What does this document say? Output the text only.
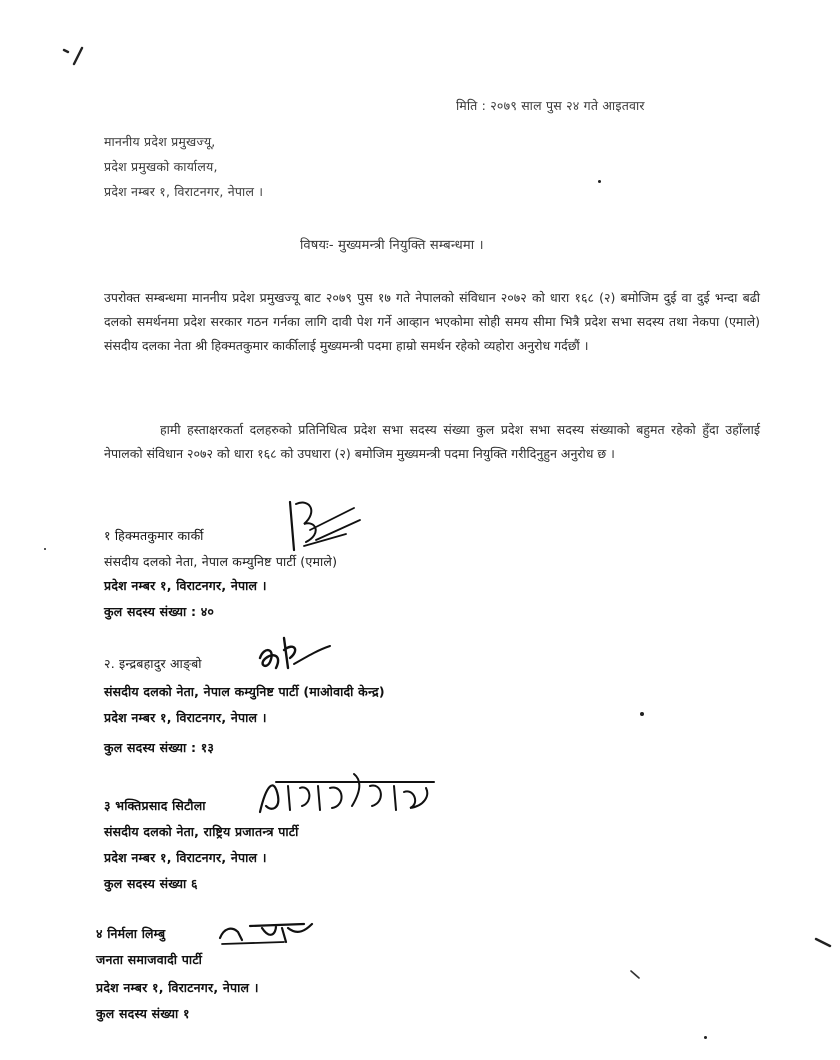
मिति : २०७९ साल पुस २४ गते आइतवार
माननीय प्रदेश प्रमुखज्यू,
प्रदेश प्रमुखको कार्यालय,
प्रदेश नम्बर १, विराटनगर, नेपाल ।
विषयः- मुख्यमन्त्री नियुक्ति सम्बन्धमा ।
उपरोक्त सम्बन्धमा माननीय प्रदेश प्रमुखज्यू बाट २०७९ पुस १७ गते नेपालको संविधान २०७२ को धारा १६८ (२) बमोजिम दुई वा दुई भन्दा बढी दलको समर्थनमा प्रदेश सरकार गठन गर्नका लागि दावी पेश गर्ने आव्हान भएकोमा सोही समय सीमा भित्रै प्रदेश सभा सदस्य तथा नेकपा (एमाले) संसदीय दलका नेता श्री हिक्मतकुमार कार्कीलाई मुख्यमन्त्री पदमा हाम्रो समर्थन रहेको व्यहोरा अनुरोध गर्दछौं ।
हामी हस्ताक्षरकर्ता दलहरुको प्रतिनिधित्व प्रदेश सभा सदस्य संख्या कुल प्रदेश सभा सदस्य संख्याको बहुमत रहेको हुँदा उहाँलाई नेपालको संविधान २०७२ को धारा १६८ को उपधारा (२) बमोजिम मुख्यमन्त्री पदमा नियुक्ति गरीदिनुहुन अनुरोध छ ।
१ हिक्मतकुमार कार्की
संसदीय दलको नेता, नेपाल कम्युनिष्ट पार्टी (एमाले)
प्रदेश नम्बर १, विराटनगर, नेपाल ।
कुल सदस्य संख्या : ४०
२. इन्द्रबहादुर आङ्बो
संसदीय दलको नेता, नेपाल कम्युनिष्ट पार्टी (माओवादी केन्द्र)
प्रदेश नम्बर १, विराटनगर, नेपाल ।
कुल सदस्य संख्या : १३
३ भक्तिप्रसाद सिटौला
संसदीय दलको नेता, राष्ट्रिय प्रजातन्त्र पार्टी
प्रदेश नम्बर १, विराटनगर, नेपाल ।
कुल सदस्य संख्या ६
४ निर्मला लिम्बु
जनता समाजवादी पार्टी
प्रदेश नम्बर १, विराटनगर, नेपाल ।
कुल सदस्य संख्या १
